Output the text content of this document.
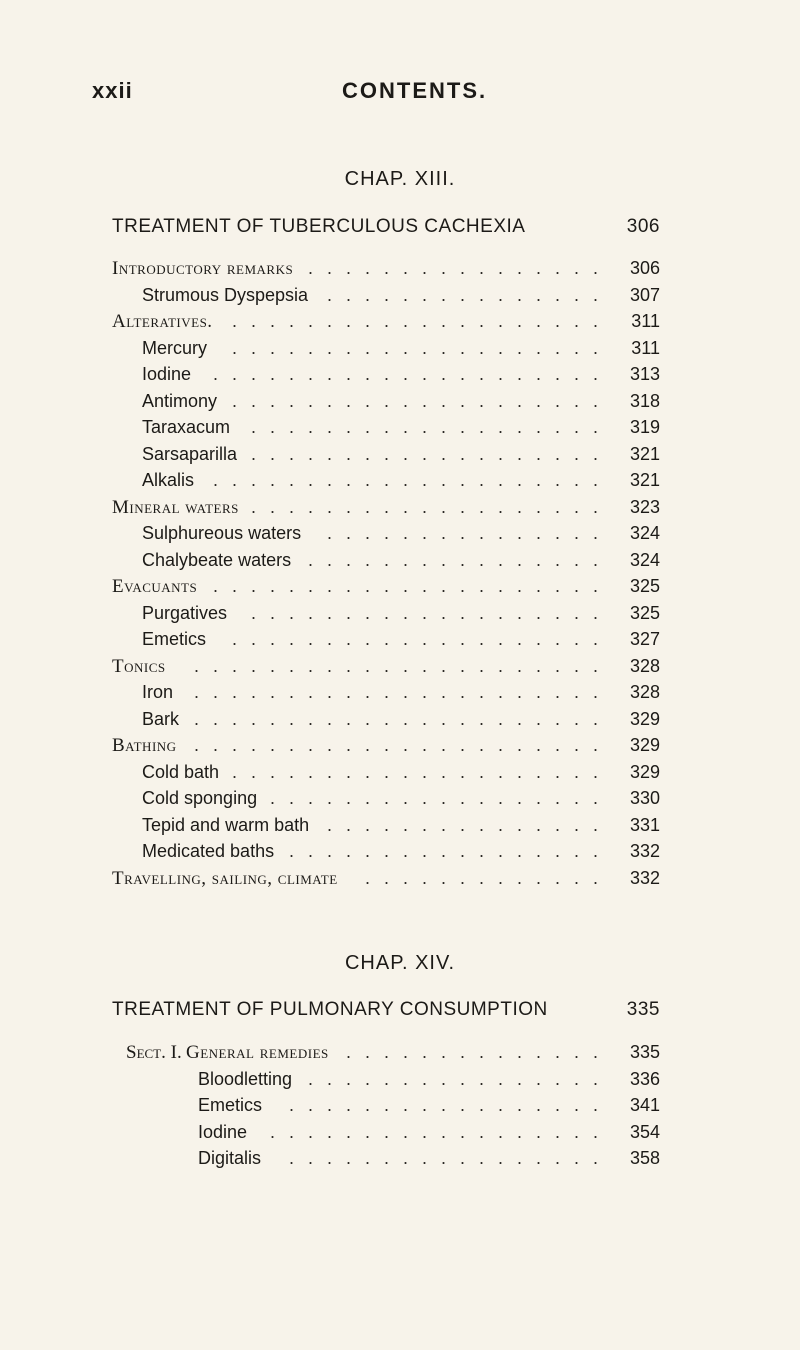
xxii	CONTENTS.
CHAP. XIII.
TREATMENT OF TUBERCULOUS CACHEXIA	306
Introductory remarks	306
................
Strumous Dyspepsia	307
...............
Alteratives.	311
....................
Mercury	311
....................
Iodine	313
.....................
Antimony	318
....................
Taraxacum	319
...................
Sarsaparilla	321
...................
Alkalis	321
.....................
Mineral waters	323
...................
Sulphureous waters	324
...............
Chalybeate waters	324
................
Evacuants	325
.....................
Purgatives	325
...................
Emetics	327
....................
Tonics	328
......................
Iron	328
......................
Bark	329
......................
Bathing	329
......................
Cold bath	329
....................
Cold sponging	330
..................
Tepid and warm bath	331
...............
Medicated baths	332
.................
Travelling, sailing, climate	332
.............
CHAP. XIV.
TREATMENT OF PULMONARY CONSUMPTION	335
Sect. I. General remedies	335
..............
Bloodletting	336
................
Emetics	341
.................
Iodine	354
..................
Digitalis	358
.................
